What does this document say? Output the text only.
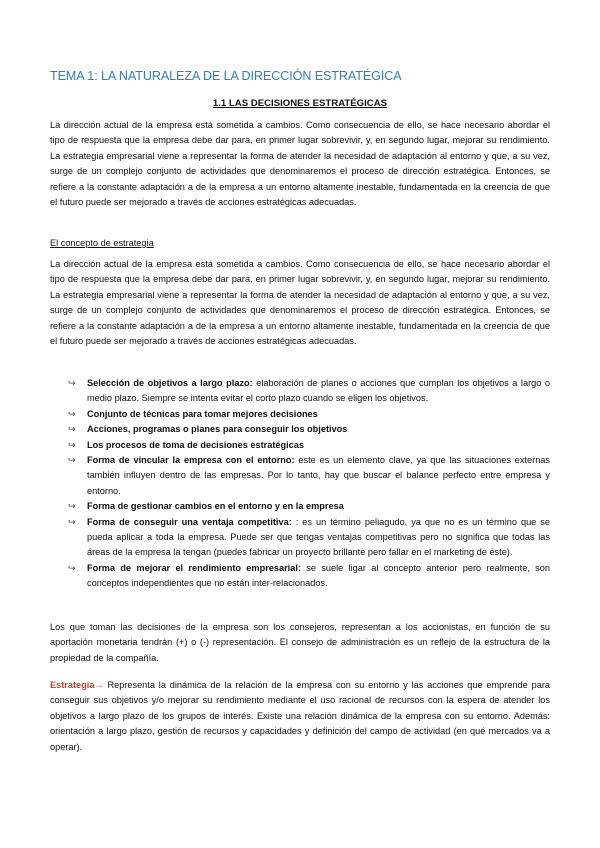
TEMA 1: LA NATURALEZA DE LA DIRECCIÓN ESTRATÉGICA
1.1 LAS DECISIONES ESTRATÉGICAS

La dirección actual de la empresa está sometida a cambios. Como consecuencia de ello, se hace necesario abordar el tipo de respuesta que la empresa debe dar para, en primer lugar sobrevivir, y, en segundo lugar, mejorar su rendimiento. La estrategia empresarial viene a representar la forma de atender la necesidad de adaptación al entorno y que, a su vez, surge de un complejo conjunto de actividades que denominaremos el proceso de dirección estratégica. Entonces, se refiere a la constante adaptación a de la empresa a un entorno altamente inestable, fundamentada en la creencia de que el futuro puede ser mejorado a través de acciones estratégicas adecuadas.

El concepto de estrategia

La dirección actual de la empresa está sometida a cambios. Como consecuencia de ello, se hace necesario abordar el tipo de respuesta que la empresa debe dar para, en primer lugar sobrevivir, y, en segundo lugar, mejorar su rendimiento. La estrategia empresarial viene a representar la forma de atender la necesidad de adaptación al entorno y que, a su vez, surge de un complejo conjunto de actividades que denominaremos el proceso de dirección estratégica. Entonces, se refiere a la constante adaptación a de la empresa a un entorno altamente inestable, fundamentada en la creencia de que el futuro puede ser mejorado a través de acciones estratégicas adecuadas.

↪ Selección de objetivos a largo plazo: elaboración de planes o acciones que cumplan los objetivos a largo o medio plazo. Siempre se intenta evitar el corto plazo cuando se eligen los objetivos.
↪ Conjunto de técnicas para tomar mejores decisiones
↪ Acciones, programas o planes para conseguir los objetivos
↪ Los procesos de toma de decisiones estratégicas
↪ Forma de vincular la empresa con el entorno: este es un elemento clave, ya que las situaciones externas también influyen dentro de las empresas. Por lo tanto, hay que buscar el balance perfecto entre empresa y entorno.
↪ Forma de gestionar cambios en el entorno y en la empresa
↪ Forma de conseguir una ventaja competitiva: : es un término peliagudo, ya que no es un término que se pueda aplicar a toda la empresa. Puede ser que tengas ventajas competitivas pero no significa que todas las áreas de la empresa la tengan (puedes fabricar un proyecto brillante pero fallar en el marketing de éste).
↪ Forma de mejorar el rendimiento empresarial: se suele ligar al concepto anterior pero realmente, son conceptos independientes que no están inter-relacionados.

Los que toman las decisiones de la empresa son los consejeros, representan a los accionistas, en función de su aportación monetaria tendrán (+) o (-) representación. El consejo de administración es un reflejo de la estructura de la propiedad de la compañía.

Estrategia→ Representa la dinámica de la relación de la empresa con su entorno y las acciones que emprende para conseguir sus objetivos y/o mejorar su rendimiento mediante el uso racional de recursos con la espera de atender los objetivos a largo plazo de los grupos de interés. Existe una relación dinámica de la empresa con su entorno. Además: orientación a largo plazo, gestión de recursos y capacidades y definición del campo de actividad (en qué mercados va a operar).
